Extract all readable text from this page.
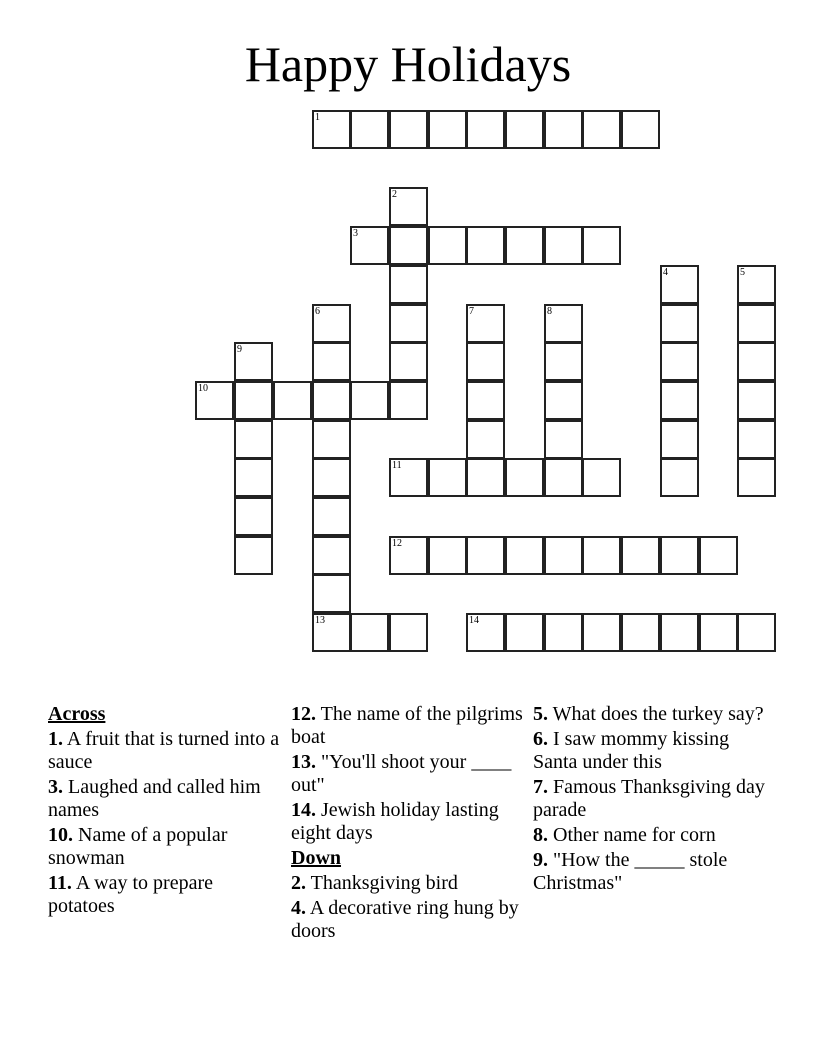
Happy Holidays
1
2
3
4	5
6
13
7	8
9
10
11
12
14
Across
1. A fruit that is turned into a sauce
3. Laughed and called him names
10. Name of a popular snowman
11. A way to prepare potatoes
12. The name of the pilgrims boat
13. "You'll shoot your ____ out"
14. Jewish holiday lasting eight days
Down
2. Thanksgiving bird
4. A decorative ring hung by doors
5. What does the turkey say?
6. I saw mommy kissing Santa under this
7. Famous Thanksgiving day parade
8. Other name for corn
9. "How the _____ stole Christmas"
